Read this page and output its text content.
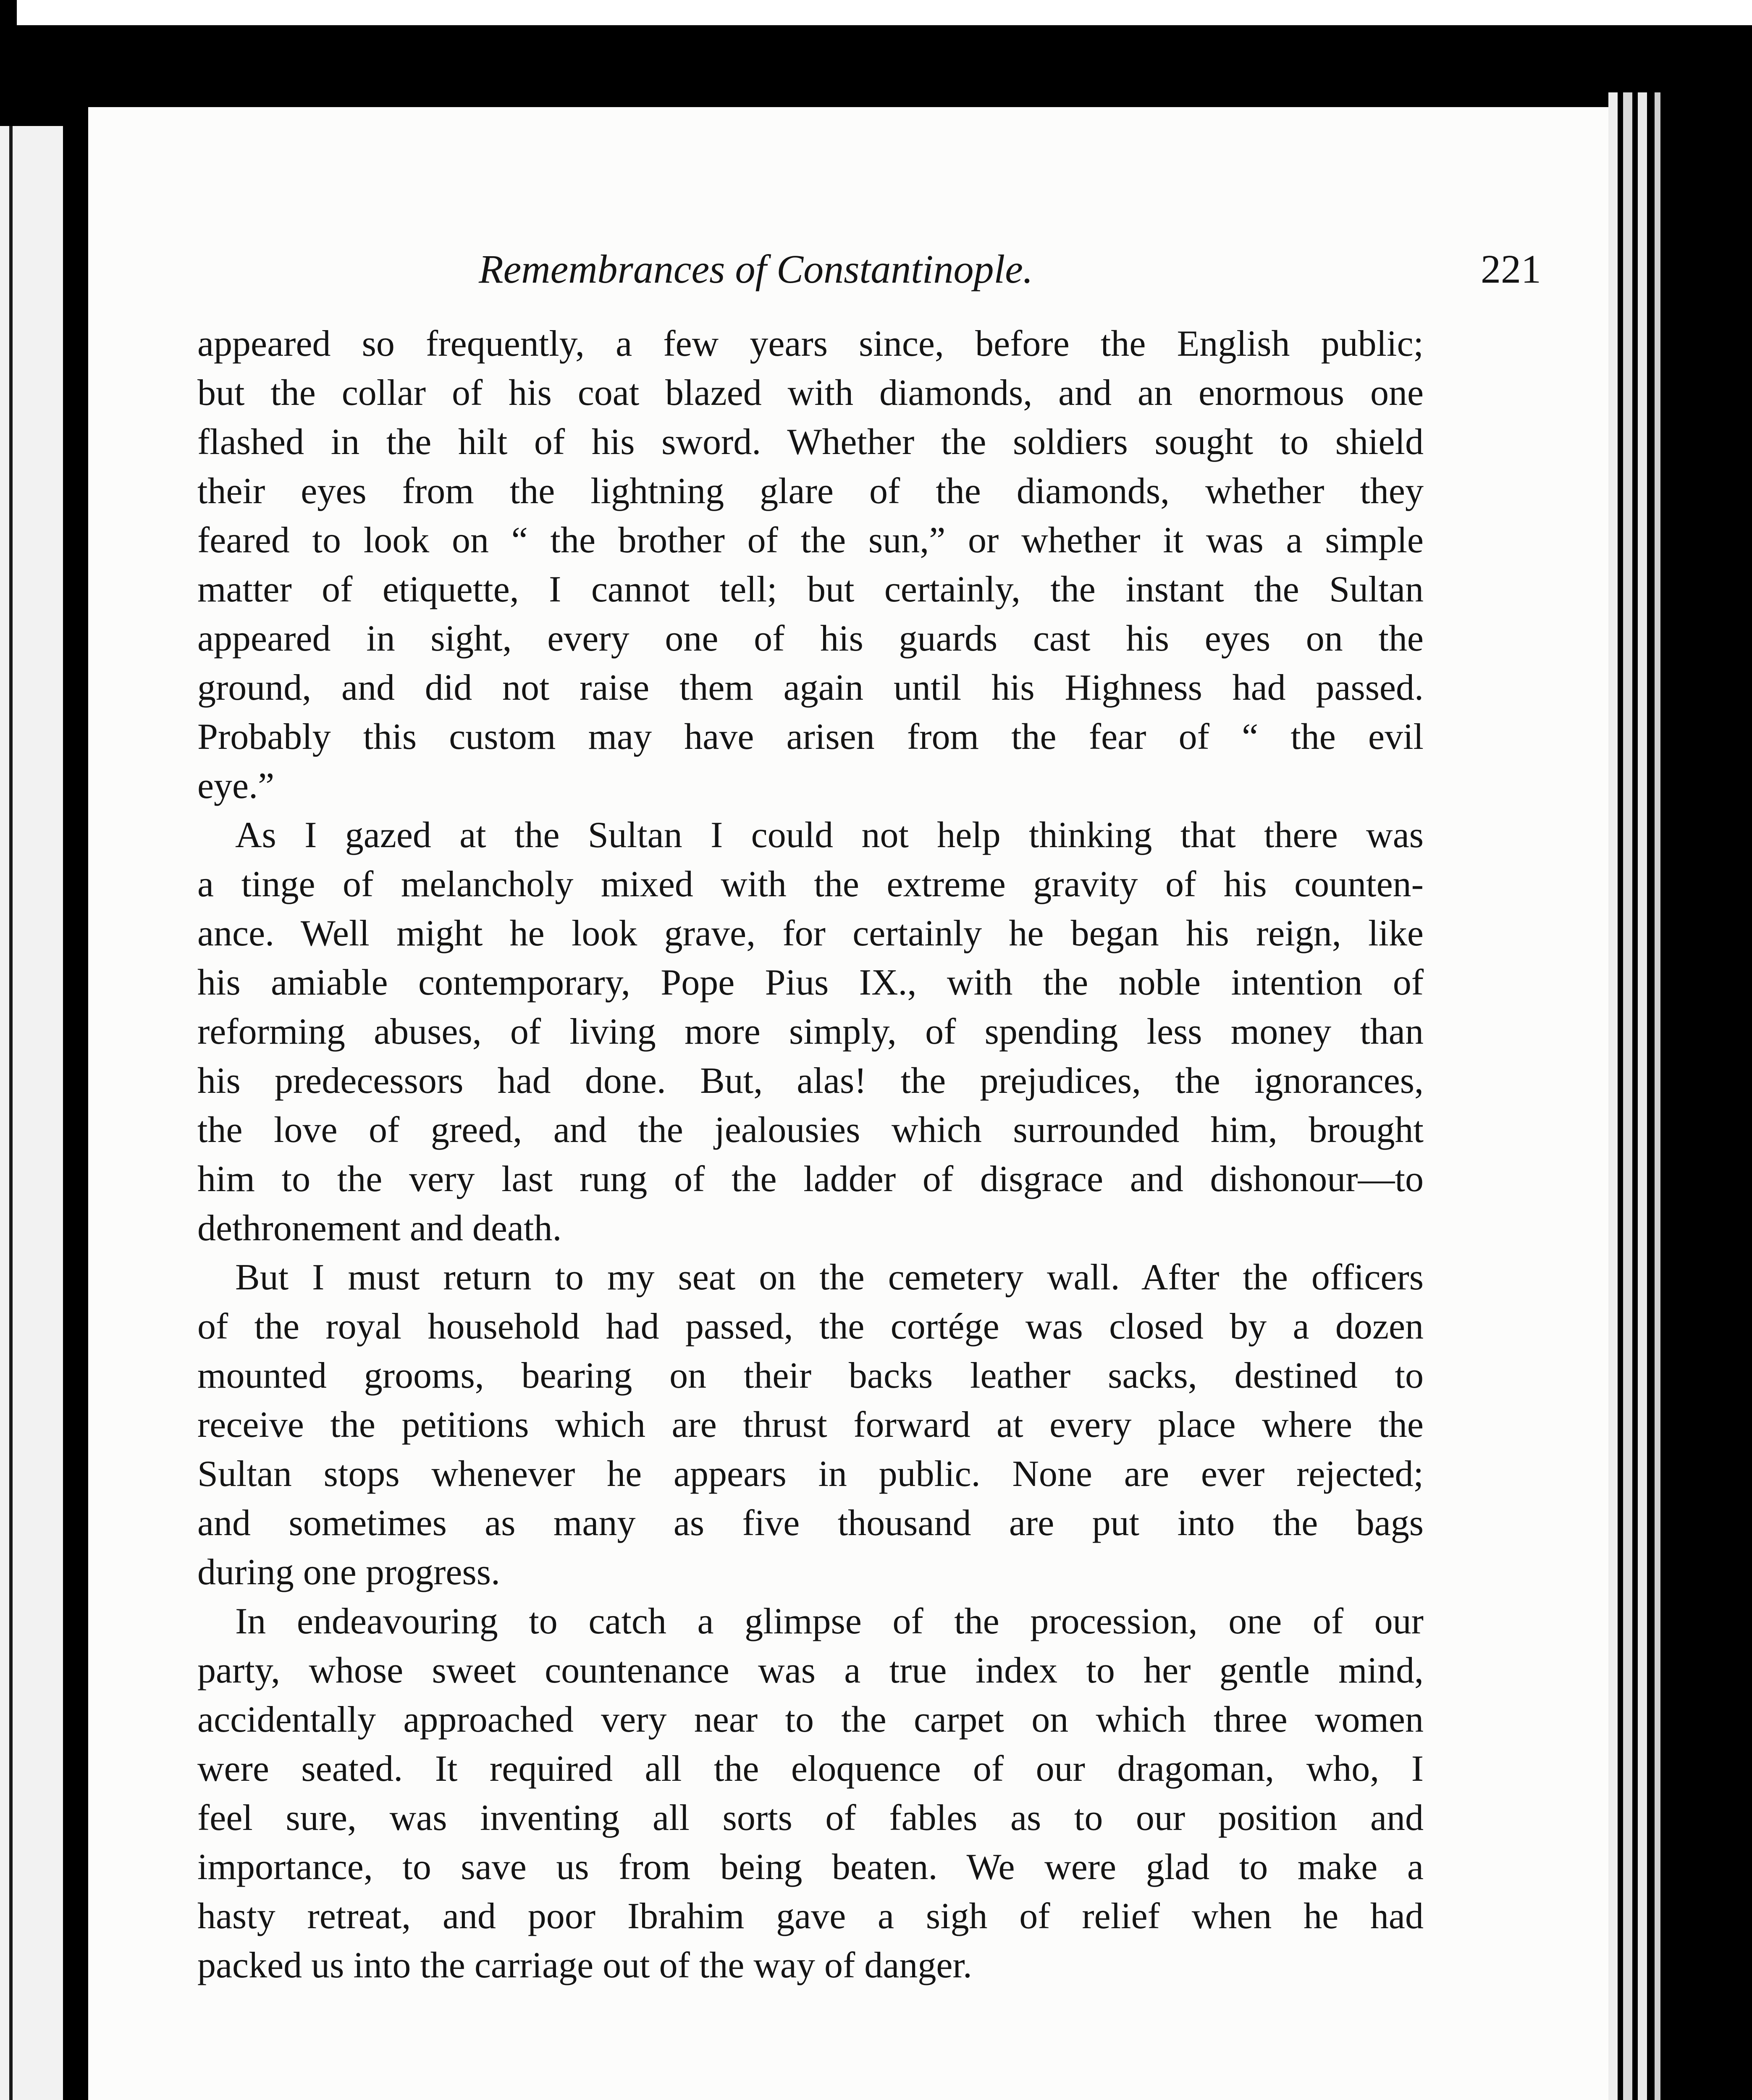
Remembrances of Constantinople.	221
appeared so frequently, a few years since, before the English public;
but the collar of his coat blazed with diamonds, and an enormous one
flashed in the hilt of his sword. Whether the soldiers sought to shield
their eyes from the lightning glare of the diamonds, whether they
feared to look on “ the brother of the sun,” or whether it was a simple
matter of etiquette, I cannot tell; but certainly, the instant the Sultan
appeared in sight, every one of his guards cast his eyes on the
ground, and did not raise them again until his Highness had passed.
Probably this custom may have arisen from the fear of “ the evil
eye.”
As I gazed at the Sultan I could not help thinking that there was
a tinge of melancholy mixed with the extreme gravity of his counten-
ance. Well might he look grave, for certainly he began his reign, like
his amiable contemporary, Pope Pius IX., with the noble intention of
reforming abuses, of living more simply, of spending less money than
his predecessors had done. But, alas! the prejudices, the ignorances,
the love of greed, and the jealousies which surrounded him, brought
him to the very last rung of the ladder of disgrace and dishonour—to
dethronement and death.
But I must return to my seat on the cemetery wall. After the officers
of the royal household had passed, the cortége was closed by a dozen
mounted grooms, bearing on their backs leather sacks, destined to
receive the petitions which are thrust forward at every place where the
Sultan stops whenever he appears in public. None are ever rejected;
and sometimes as many as five thousand are put into the bags
during one progress.
In endeavouring to catch a glimpse of the procession, one of our
party, whose sweet countenance was a true index to her gentle mind,
accidentally approached very near to the carpet on which three women
were seated. It required all the eloquence of our dragoman, who, I
feel sure, was inventing all sorts of fables as to our position and
importance, to save us from being beaten. We were glad to make a
hasty retreat, and poor Ibrahim gave a sigh of relief when he had
packed us into the carriage out of the way of danger.
